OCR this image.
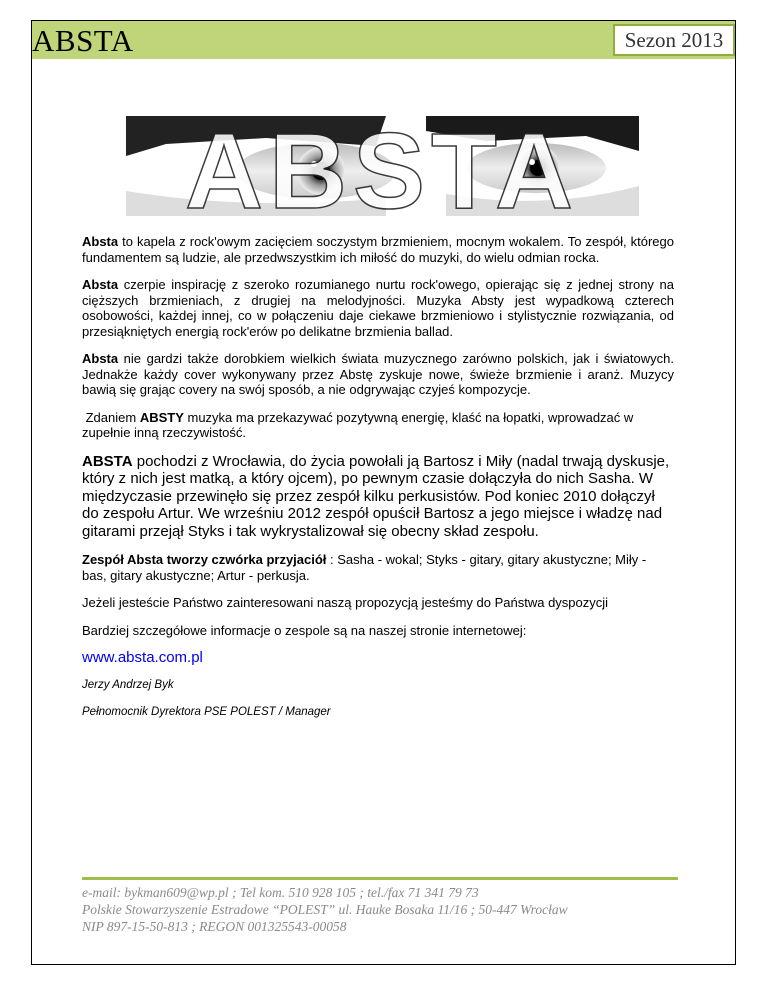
ABSTA	Sezon 2013
ABSTA

Absta to kapela z rock'owym zacięciem soczystym brzmieniem, mocnym wokalem. To zespół, którego fundamentem są ludzie, ale przedwszystkim ich miłość do muzyki, do wielu odmian rocka.

Absta czerpie inspirację z szeroko rozumianego nurtu rock'owego, opierając się z jednej strony na cięższych brzmieniach, z drugiej na melodyjności. Muzyka Absty jest wypadkową czterech osobowości, każdej innej, co w połączeniu daje ciekawe brzmieniowo i stylistycznie rozwiązania, od przesiąkniętych energią rock'erów po delikatne brzmienia ballad.

Absta nie gardzi także dorobkiem wielkich świata muzycznego zarówno polskich, jak i światowych. Jednakże każdy cover wykonywany przez Abstę zyskuje nowe, świeże brzmienie i aranż. Muzycy bawią się grając covery na swój sposób, a nie odgrywając czyjeś kompozycje.

Zdaniem ABSTY muzyka ma przekazywać pozytywną energię, klaść na łopatki, wprowadzać w zupełnie inną rzeczywistość.

ABSTA pochodzi z Wrocławia, do życia powołali ją Bartosz i Miły (nadal trwają dyskusje, który z nich jest matką, a który ojcem), po pewnym czasie dołączyła do nich Sasha. W międzyczasie przewinęło się przez zespół kilku perkusistów. Pod koniec 2010 dołączył do zespołu Artur. We wrześniu 2012 zespół opuścił Bartosz a jego miejsce i władzę nad gitarami przejął Styks i tak wykrystalizował się obecny skład zespołu.

Zespół Absta tworzy czwórka przyjaciół : Sasha - wokal; Styks - gitary, gitary akustyczne; Miły - bas, gitary akustyczne; Artur - perkusja.

Jeżeli jesteście Państwo zainteresowani naszą propozycją jesteśmy do Państwa dyspozycji

Bardziej szczegółowe informacje o zespole są na naszej stronie internetowej:

www.absta.com.pl

Jerzy Andrzej Byk

Pełnomocnik Dyrektora PSE POLEST / Manager

e-mail: bykman609@wp.pl ; Tel kom. 510 928 105 ; tel./fax 71 341 79 73
Polskie Stowarzyszenie Estradowe “POLEST” ul. Hauke Bosaka 11/16 ; 50-447 Wrocław
NIP 897-15-50-813 ; REGON 001325543-00058
